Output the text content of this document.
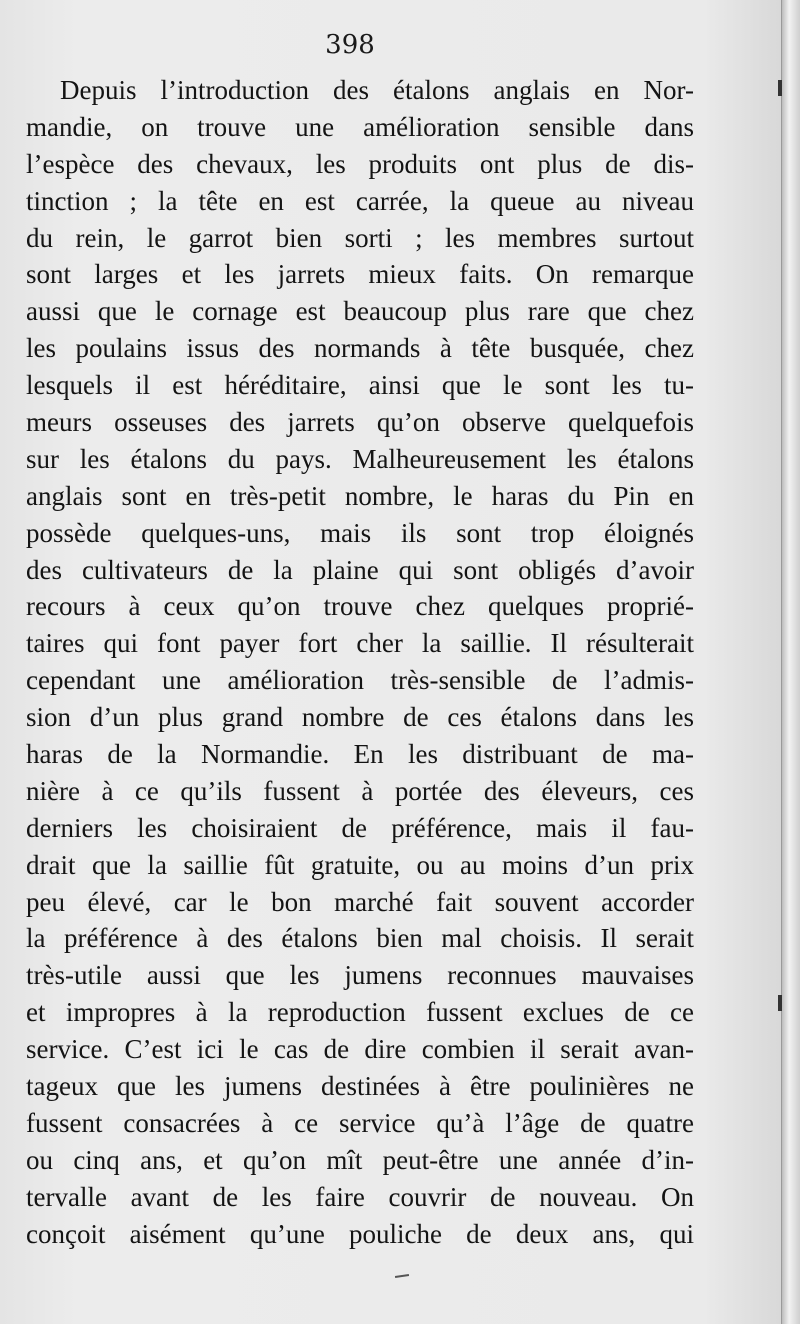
398
Depuis l’introduction des étalons anglais en Nor-
mandie, on trouve une amélioration sensible dans
l’espèce des chevaux, les produits ont plus de dis-
tinction ; la tête en est carrée, la queue au niveau
du rein, le garrot bien sorti ; les membres surtout
sont larges et les jarrets mieux faits. On remarque
aussi que le cornage est beaucoup plus rare que chez
les poulains issus des normands à tête busquée, chez
lesquels il est héréditaire, ainsi que le sont les tu-
meurs osseuses des jarrets qu’on observe quelquefois
sur les étalons du pays. Malheureusement les étalons
anglais sont en très-petit nombre, le haras du Pin en
possède quelques-uns, mais ils sont trop éloignés
des cultivateurs de la plaine qui sont obligés d’avoir
recours à ceux qu’on trouve chez quelques proprié-
taires qui font payer fort cher la saillie. Il résulterait
cependant une amélioration très-sensible de l’admis-
sion d’un plus grand nombre de ces étalons dans les
haras de la Normandie. En les distribuant de ma-
nière à ce qu’ils fussent à portée des éleveurs, ces
derniers les choisiraient de préférence, mais il fau-
drait que la saillie fût gratuite, ou au moins d’un prix
peu élevé, car le bon marché fait souvent accorder
la préférence à des étalons bien mal choisis. Il serait
très-utile aussi que les jumens reconnues mauvaises
et impropres à la reproduction fussent exclues de ce
service. C’est ici le cas de dire combien il serait avan-
tageux que les jumens destinées à être poulinières ne
fussent consacrées à ce service qu’à l’âge de quatre
ou cinq ans, et qu’on mît peut-être une année d’in-
tervalle avant de les faire couvrir de nouveau. On
conçoit aisément qu’une pouliche de deux ans, qui
